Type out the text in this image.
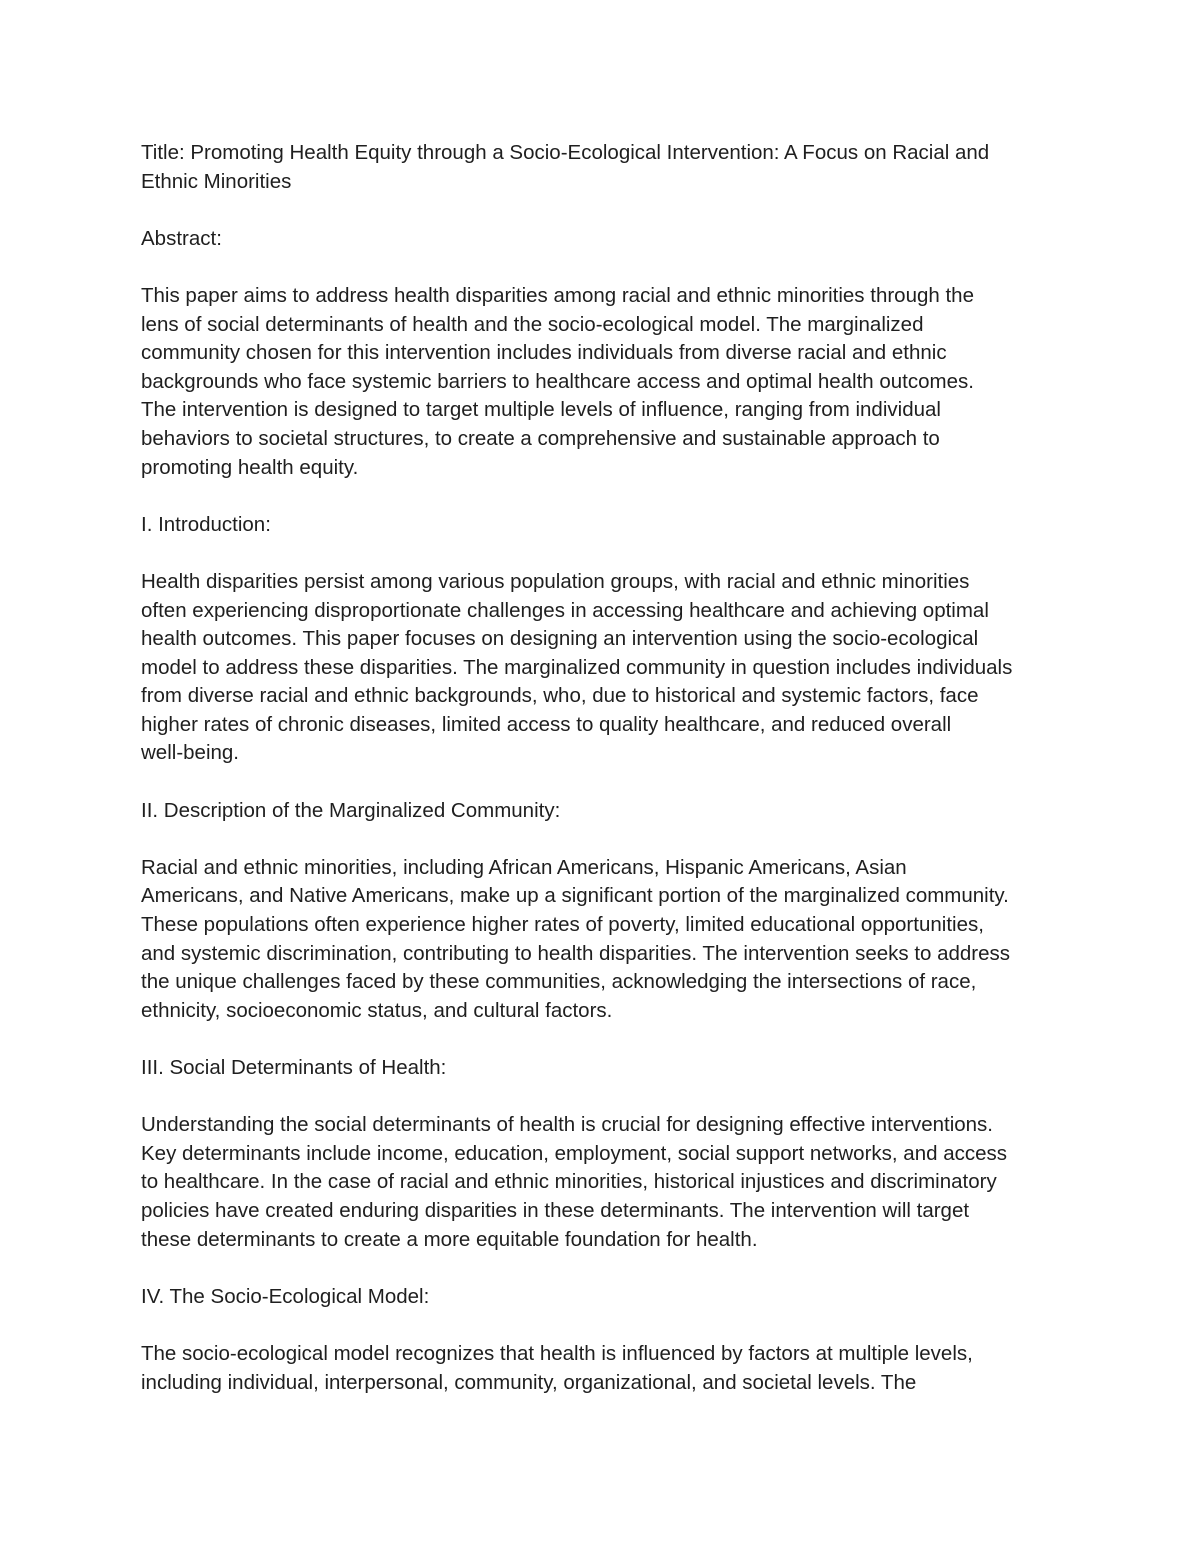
Title: Promoting Health Equity through a Socio-Ecological Intervention: A Focus on Racial and
Ethnic Minorities

Abstract:

This paper aims to address health disparities among racial and ethnic minorities through the
lens of social determinants of health and the socio-ecological model. The marginalized
community chosen for this intervention includes individuals from diverse racial and ethnic
backgrounds who face systemic barriers to healthcare access and optimal health outcomes.
The intervention is designed to target multiple levels of influence, ranging from individual
behaviors to societal structures, to create a comprehensive and sustainable approach to
promoting health equity.

I. Introduction:

Health disparities persist among various population groups, with racial and ethnic minorities
often experiencing disproportionate challenges in accessing healthcare and achieving optimal
health outcomes. This paper focuses on designing an intervention using the socio-ecological
model to address these disparities. The marginalized community in question includes individuals
from diverse racial and ethnic backgrounds, who, due to historical and systemic factors, face
higher rates of chronic diseases, limited access to quality healthcare, and reduced overall
well-being.

II. Description of the Marginalized Community:

Racial and ethnic minorities, including African Americans, Hispanic Americans, Asian
Americans, and Native Americans, make up a significant portion of the marginalized community.
These populations often experience higher rates of poverty, limited educational opportunities,
and systemic discrimination, contributing to health disparities. The intervention seeks to address
the unique challenges faced by these communities, acknowledging the intersections of race,
ethnicity, socioeconomic status, and cultural factors.

III. Social Determinants of Health:

Understanding the social determinants of health is crucial for designing effective interventions.
Key determinants include income, education, employment, social support networks, and access
to healthcare. In the case of racial and ethnic minorities, historical injustices and discriminatory
policies have created enduring disparities in these determinants. The intervention will target
these determinants to create a more equitable foundation for health.

IV. The Socio-Ecological Model:

The socio-ecological model recognizes that health is influenced by factors at multiple levels,
including individual, interpersonal, community, organizational, and societal levels. The
